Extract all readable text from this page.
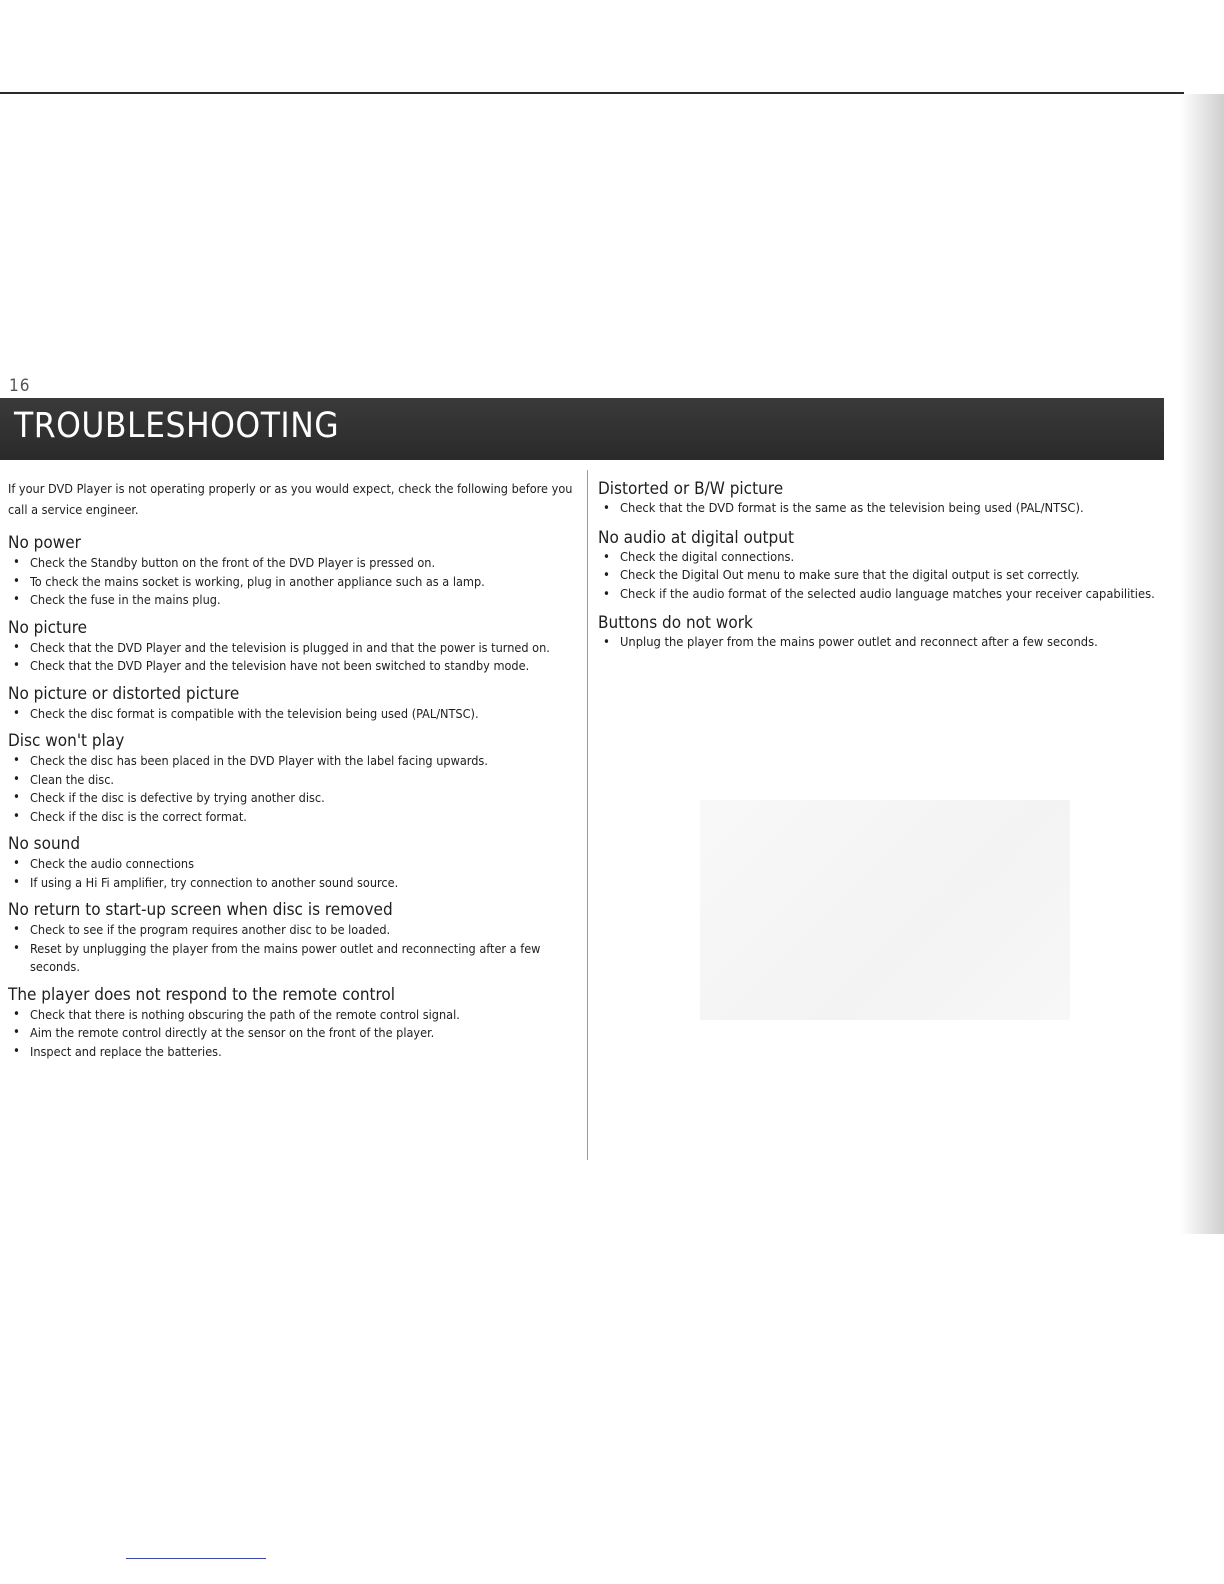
16
TROUBLESHOOTING

If your DVD Player is not operating properly or as you would expect, check the following before you call a service engineer.

No power
• Check the Standby button on the front of the DVD Player is pressed on.
• To check the mains socket is working, plug in another appliance such as a lamp.
• Check the fuse in the mains plug.
No picture
• Check that the DVD Player and the television is plugged in and that the power is turned on.
• Check that the DVD Player and the television have not been switched to standby mode.
No picture or distorted picture
• Check the disc format is compatible with the television being used (PAL/NTSC).
Disc won't play
• Check the disc has been placed in the DVD Player with the label facing upwards.
• Clean the disc.
• Check if the disc is defective by trying another disc.
• Check if the disc is the correct format.
No sound
• Check the audio connections
• If using a Hi Fi amplifier, try connection to another sound source.
No return to start-up screen when disc is removed
• Check to see if the program requires another disc to be loaded.
• Reset by unplugging the player from the mains power outlet and reconnecting after a few seconds.
The player does not respond to the remote control
• Check that there is nothing obscuring the path of the remote control signal.
• Aim the remote control directly at the sensor on the front of the player.
• Inspect and replace the batteries.
Distorted or B/W picture
• Check that the DVD format is the same as the television being used (PAL/NTSC).
No audio at digital output
• Check the digital connections.
• Check the Digital Out menu to make sure that the digital output is set correctly.
• Check if the audio format of the selected audio language matches your receiver capabilities.
Buttons do not work
• Unplug the player from the mains power outlet and reconnect after a few seconds.
